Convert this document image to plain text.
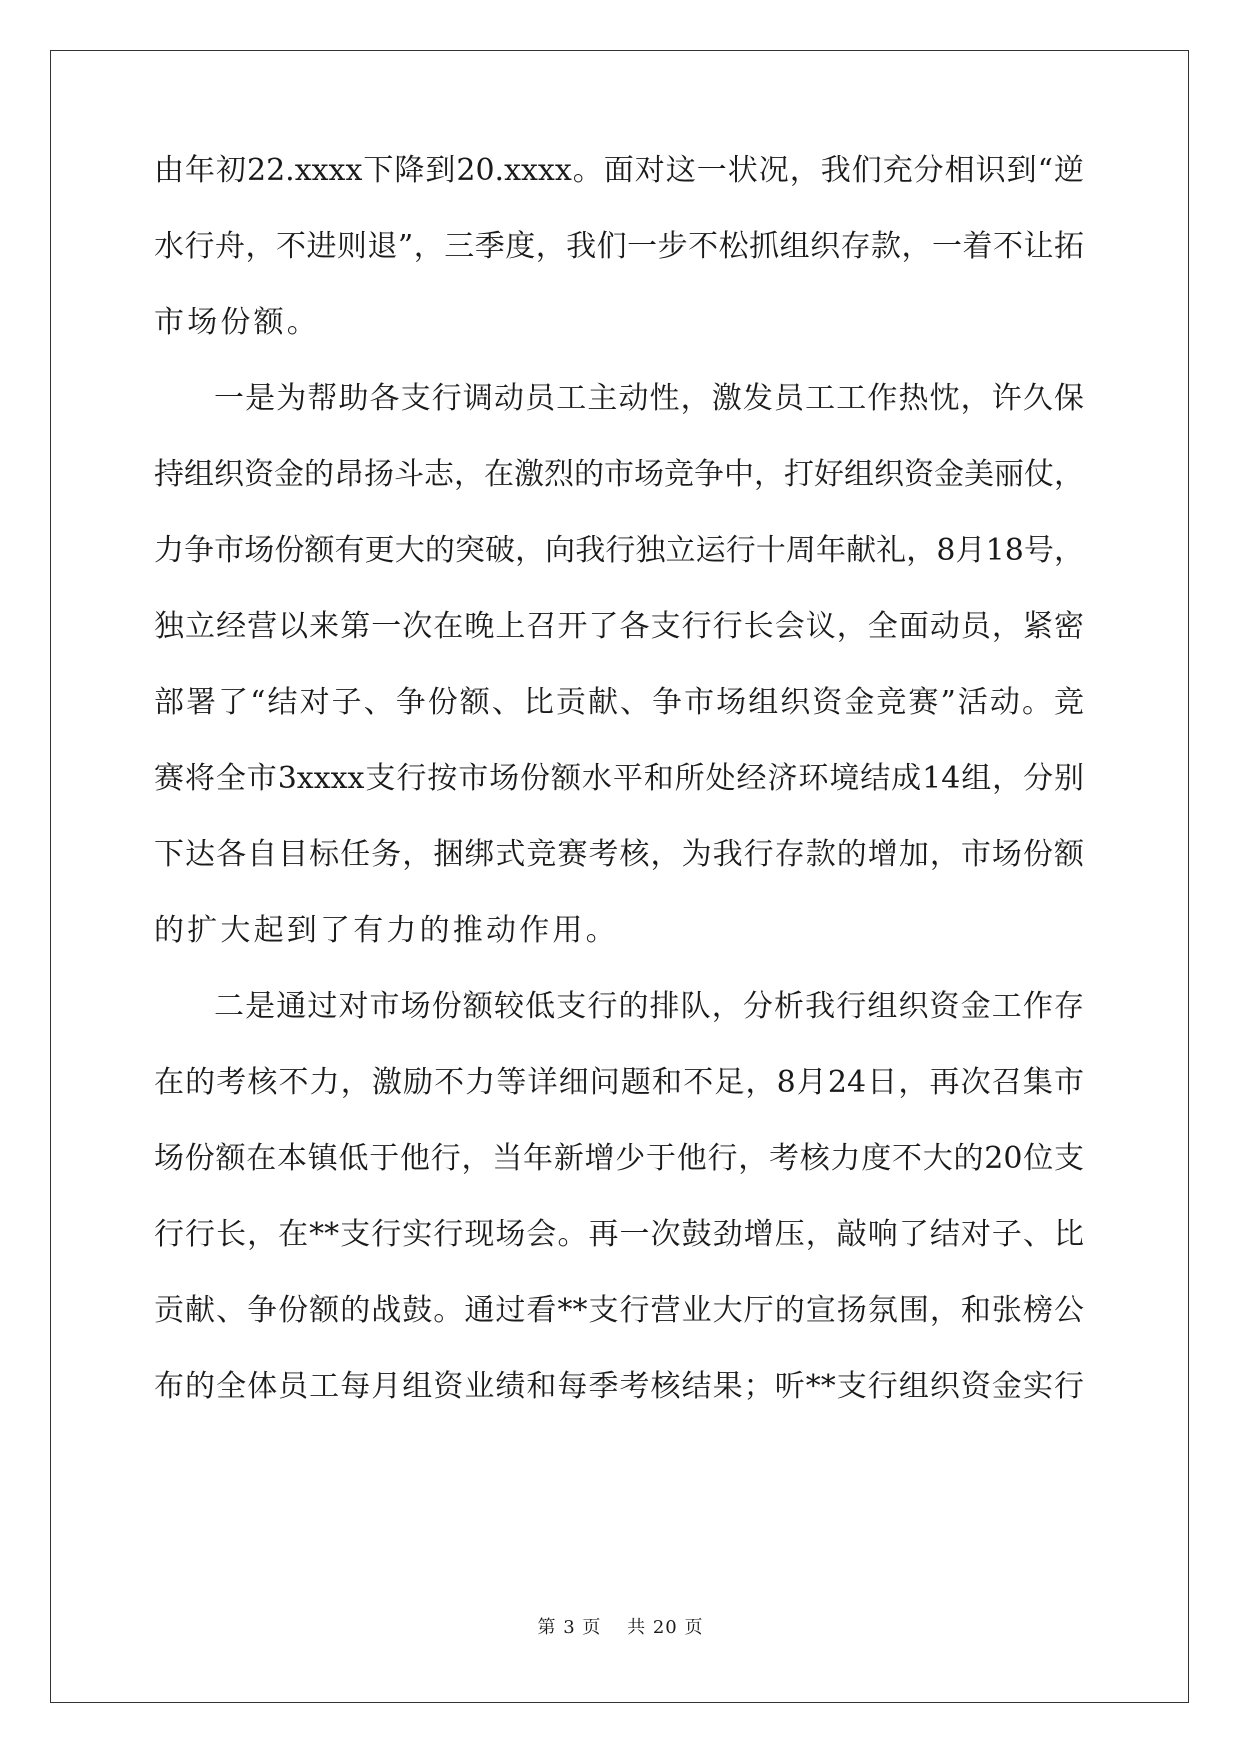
由年初22.xxxx下降到20.xxxx。面对这一状况，我们充分相识到“逆
水行舟，不进则退”，三季度，我们一步不松抓组织存款，一着不让拓
市场份额。
一是为帮助各支行调动员工主动性，激发员工工作热忱，许久保
持组织资金的昂扬斗志，在激烈的市场竞争中，打好组织资金美丽仗，
力争市场份额有更大的突破，向我行独立运行十周年献礼，8月18号，
独立经营以来第一次在晚上召开了各支行行长会议，全面动员，紧密
部署了“结对子、争份额、比贡献、争市场组织资金竞赛”活动。竞
赛将全市3xxxx支行按市场份额水平和所处经济环境结成14组，分别
下达各自目标任务，捆绑式竞赛考核，为我行存款的增加，市场份额
的扩大起到了有力的推动作用。
二是通过对市场份额较低支行的排队，分析我行组织资金工作存
在的考核不力，激励不力等详细问题和不足，8月24日，再次召集市
场份额在本镇低于他行，当年新增少于他行，考核力度不大的20位支
行行长，在**支行实行现场会。再一次鼓劲增压，敲响了结对子、比
贡献、争份额的战鼓。通过看**支行营业大厅的宣扬氛围，和张榜公
布的全体员工每月组资业绩和每季考核结果；听**支行组织资金实行
第 3 页　 共 20 页
